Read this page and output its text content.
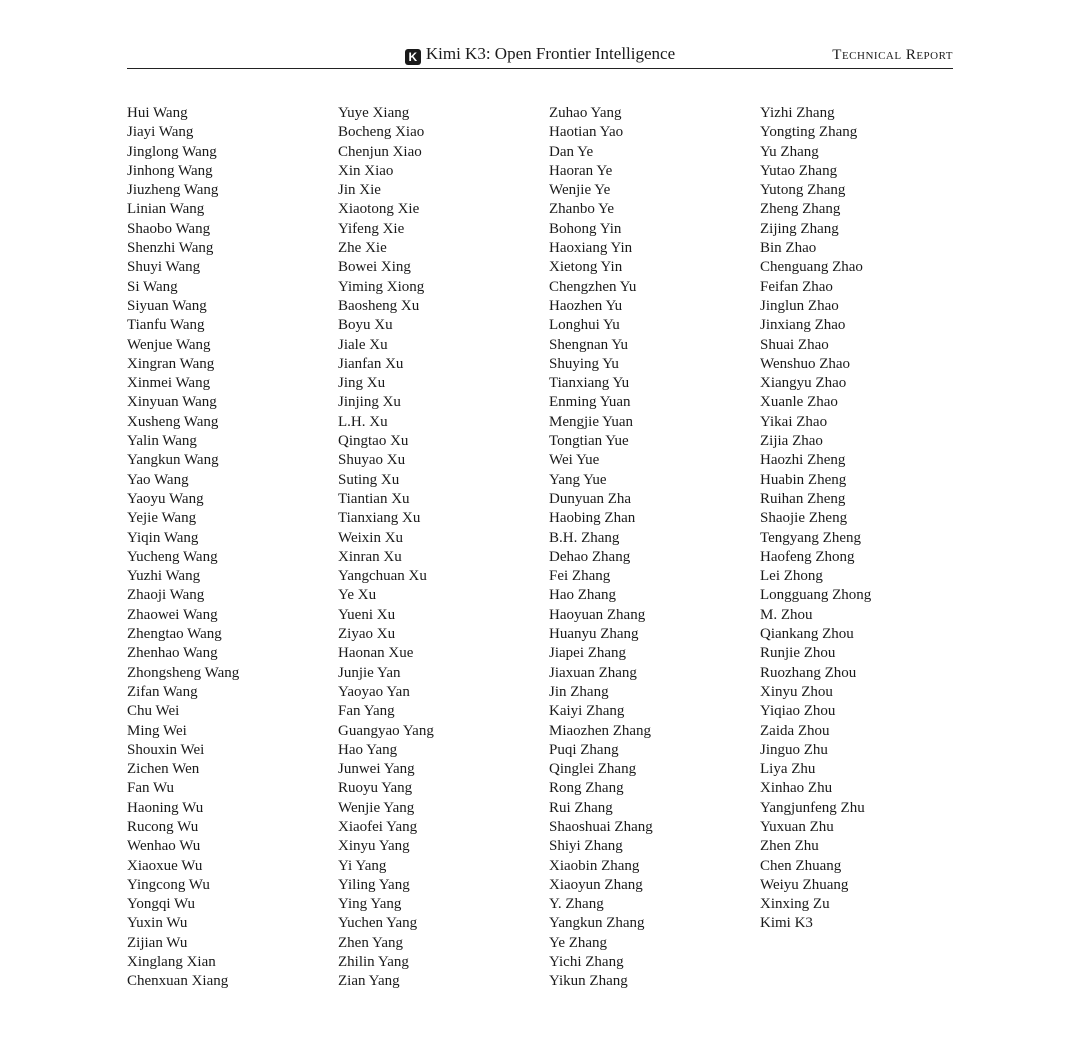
K Kimi K3: Open Frontier Intelligence	Technical Report
Hui Wang
Jiayi Wang
Jinglong Wang
Jinhong Wang
Jiuzheng Wang
Linian Wang
Shaobo Wang
Shenzhi Wang
Shuyi Wang
Si Wang
Siyuan Wang
Tianfu Wang
Wenjue Wang
Xingran Wang
Xinmei Wang
Xinyuan Wang
Xusheng Wang
Yalin Wang
Yangkun Wang
Yao Wang
Yaoyu Wang
Yejie Wang
Yiqin Wang
Yucheng Wang
Yuzhi Wang
Zhaoji Wang
Zhaowei Wang
Zhengtao Wang
Zhenhao Wang
Zhongsheng Wang
Zifan Wang
Chu Wei
Ming Wei
Shouxin Wei
Zichen Wen
Fan Wu
Haoning Wu
Rucong Wu
Wenhao Wu
Xiaoxue Wu
Yingcong Wu
Yongqi Wu
Yuxin Wu
Zijian Wu
Xinglang Xian
Chenxuan Xiang
Yuye Xiang
Bocheng Xiao
Chenjun Xiao
Xin Xiao
Jin Xie
Xiaotong Xie
Yifeng Xie
Zhe Xie
Bowei Xing
Yiming Xiong
Baosheng Xu
Boyu Xu
Jiale Xu
Jianfan Xu
Jing Xu
Jinjing Xu
L.H. Xu
Qingtao Xu
Shuyao Xu
Suting Xu
Tiantian Xu
Tianxiang Xu
Weixin Xu
Xinran Xu
Yangchuan Xu
Ye Xu
Yueni Xu
Ziyao Xu
Haonan Xue
Junjie Yan
Yaoyao Yan
Fan Yang
Guangyao Yang
Hao Yang
Junwei Yang
Ruoyu Yang
Wenjie Yang
Xiaofei Yang
Xinyu Yang
Yi Yang
Yiling Yang
Ying Yang
Yuchen Yang
Zhen Yang
Zhilin Yang
Zian Yang
Zuhao Yang
Haotian Yao
Dan Ye
Haoran Ye
Wenjie Ye
Zhanbo Ye
Bohong Yin
Haoxiang Yin
Xietong Yin
Chengzhen Yu
Haozhen Yu
Longhui Yu
Shengnan Yu
Shuying Yu
Tianxiang Yu
Enming Yuan
Mengjie Yuan
Tongtian Yue
Wei Yue
Yang Yue
Dunyuan Zha
Haobing Zhan
B.H. Zhang
Dehao Zhang
Fei Zhang
Hao Zhang
Haoyuan Zhang
Huanyu Zhang
Jiapei Zhang
Jiaxuan Zhang
Jin Zhang
Kaiyi Zhang
Miaozhen Zhang
Puqi Zhang
Qinglei Zhang
Rong Zhang
Rui Zhang
Shaoshuai Zhang
Shiyi Zhang
Xiaobin Zhang
Xiaoyun Zhang
Y. Zhang
Yangkun Zhang
Ye Zhang
Yichi Zhang
Yikun Zhang
Yizhi Zhang
Yongting Zhang
Yu Zhang
Yutao Zhang
Yutong Zhang
Zheng Zhang
Zijing Zhang
Bin Zhao
Chenguang Zhao
Feifan Zhao
Jinglun Zhao
Jinxiang Zhao
Shuai Zhao
Wenshuo Zhao
Xiangyu Zhao
Xuanle Zhao
Yikai Zhao
Zijia Zhao
Haozhi Zheng
Huabin Zheng
Ruihan Zheng
Shaojie Zheng
Tengyang Zheng
Haofeng Zhong
Lei Zhong
Longguang Zhong
M. Zhou
Qiankang Zhou
Runjie Zhou
Ruozhang Zhou
Xinyu Zhou
Yiqiao Zhou
Zaida Zhou
Jinguo Zhu
Liya Zhu
Xinhao Zhu
Yangjunfeng Zhu
Yuxuan Zhu
Zhen Zhu
Chen Zhuang
Weiyu Zhuang
Xinxing Zu
Kimi K3
